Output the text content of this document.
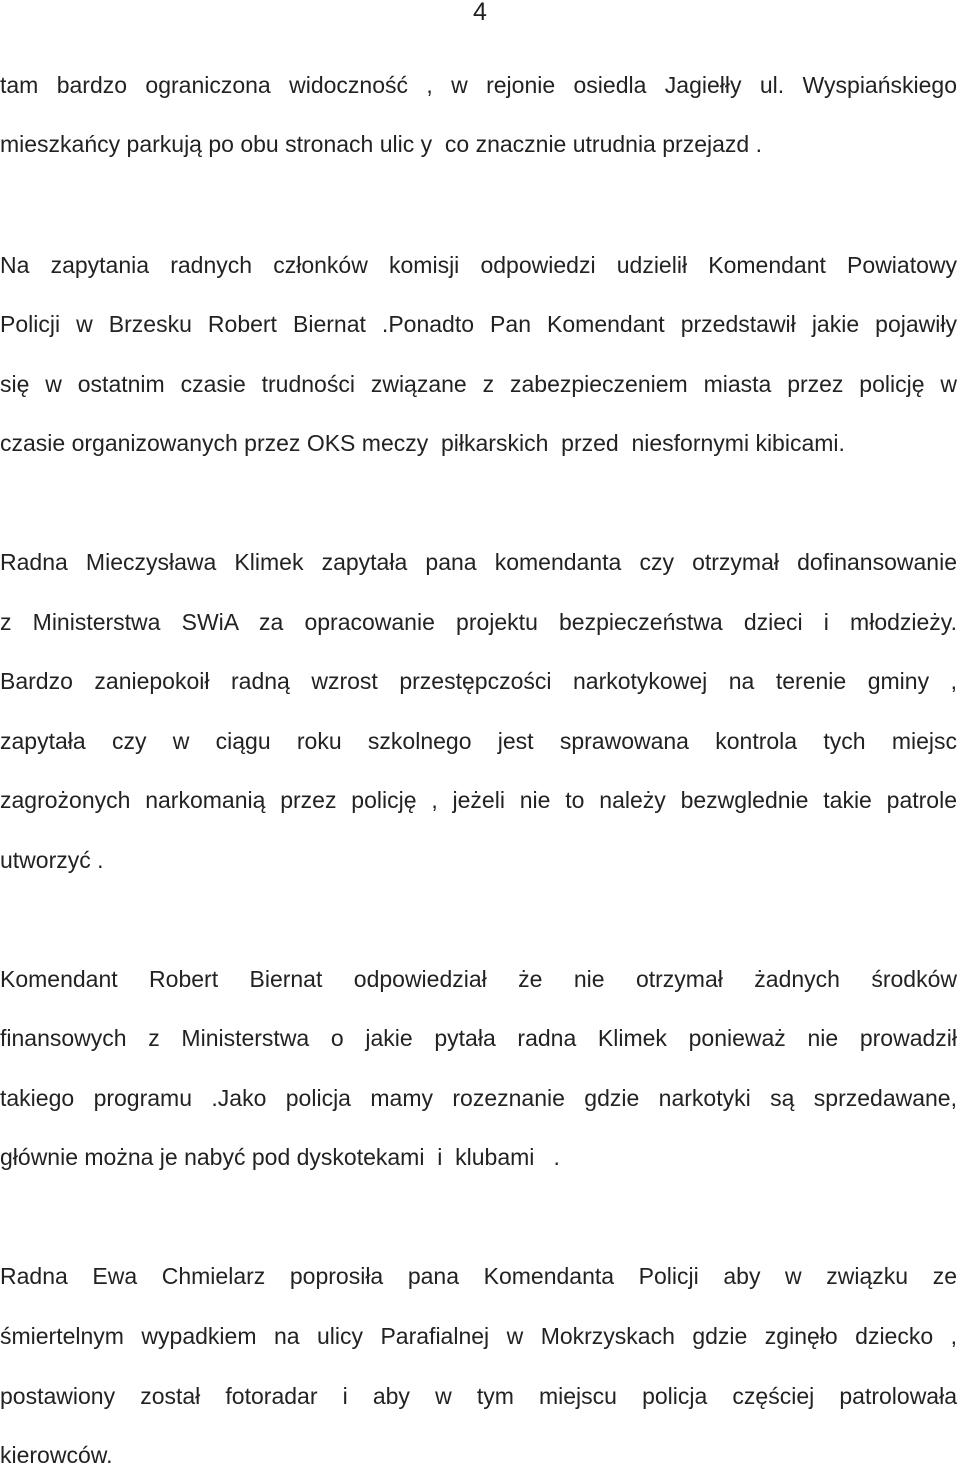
4

tam bardzo ograniczona widoczność , w rejonie osiedla Jagiełły ul. Wyspiańskiego

mieszkańcy parkują po obu stronach ulic y  co znacznie utrudnia przejazd .

Na zapytania radnych członków komisji odpowiedzi udzielił Komendant Powiatowy

Policji w Brzesku Robert Biernat .Ponadto Pan Komendant przedstawił jakie pojawiły

się w ostatnim czasie trudności związane z zabezpieczeniem miasta przez policję w

czasie organizowanych przez OKS meczy  piłkarskich  przed  niesfornymi kibicami.

Radna Mieczysława Klimek zapytała pana komendanta czy otrzymał dofinansowanie

z Ministerstwa SWiA za opracowanie projektu bezpieczeństwa dzieci i młodzieży.

Bardzo zaniepokoił radną wzrost przestępczości narkotykowej na terenie gminy ,

zapytała czy w ciągu roku szkolnego jest sprawowana kontrola tych miejsc

zagrożonych narkomanią przez policję , jeżeli nie to należy bezwglednie takie patrole

utworzyć .

Komendant Robert Biernat odpowiedział że nie otrzymał żadnych środków

finansowych z Ministerstwa o jakie pytała radna Klimek ponieważ nie prowadził

takiego programu .Jako policja mamy rozeznanie gdzie narkotyki są sprzedawane,

głównie można je nabyć pod dyskotekami  i  klubami   .

Radna Ewa Chmielarz poprosiła pana Komendanta Policji aby w związku ze

śmiertelnym wypadkiem na ulicy Parafialnej w Mokrzyskach gdzie zginęło dziecko ,

postawiony został fotoradar i aby w tym miejscu policja częściej patrolowała

kierowców.
